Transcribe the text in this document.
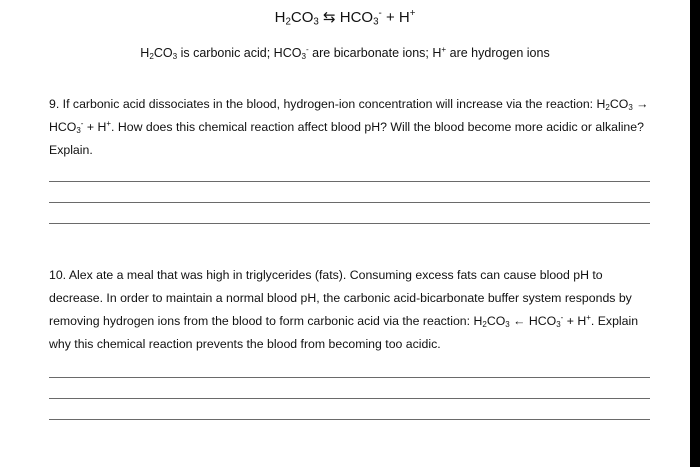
$H_2CO_3$ ⇆ $HCO_3^- + H^+$
$H_2CO_3$ is carbonic acid; $HCO_3^-$ are bicarbonate ions; H+ are hydrogen ions
9. If carbonic acid dissociates in the blood, hydrogen-ion concentration will increase via the reaction: $H_2CO_3 \to HCO_3^- + H^+$. How does this chemical reaction affect blood pH? Will the blood become more acidic or alkaline? Explain.
10. Alex ate a meal that was high in triglycerides (fats). Consuming excess fats can cause blood pH to decrease. In order to maintain a normal blood pH, the carbonic acid-bicarbonate buffer system responds by removing hydrogen ions from the blood to form carbonic acid via the reaction: $H_2CO_3$ ← $HCO_3^- + H^+$. Explain why this chemical reaction prevents the blood from becoming too acidic.
